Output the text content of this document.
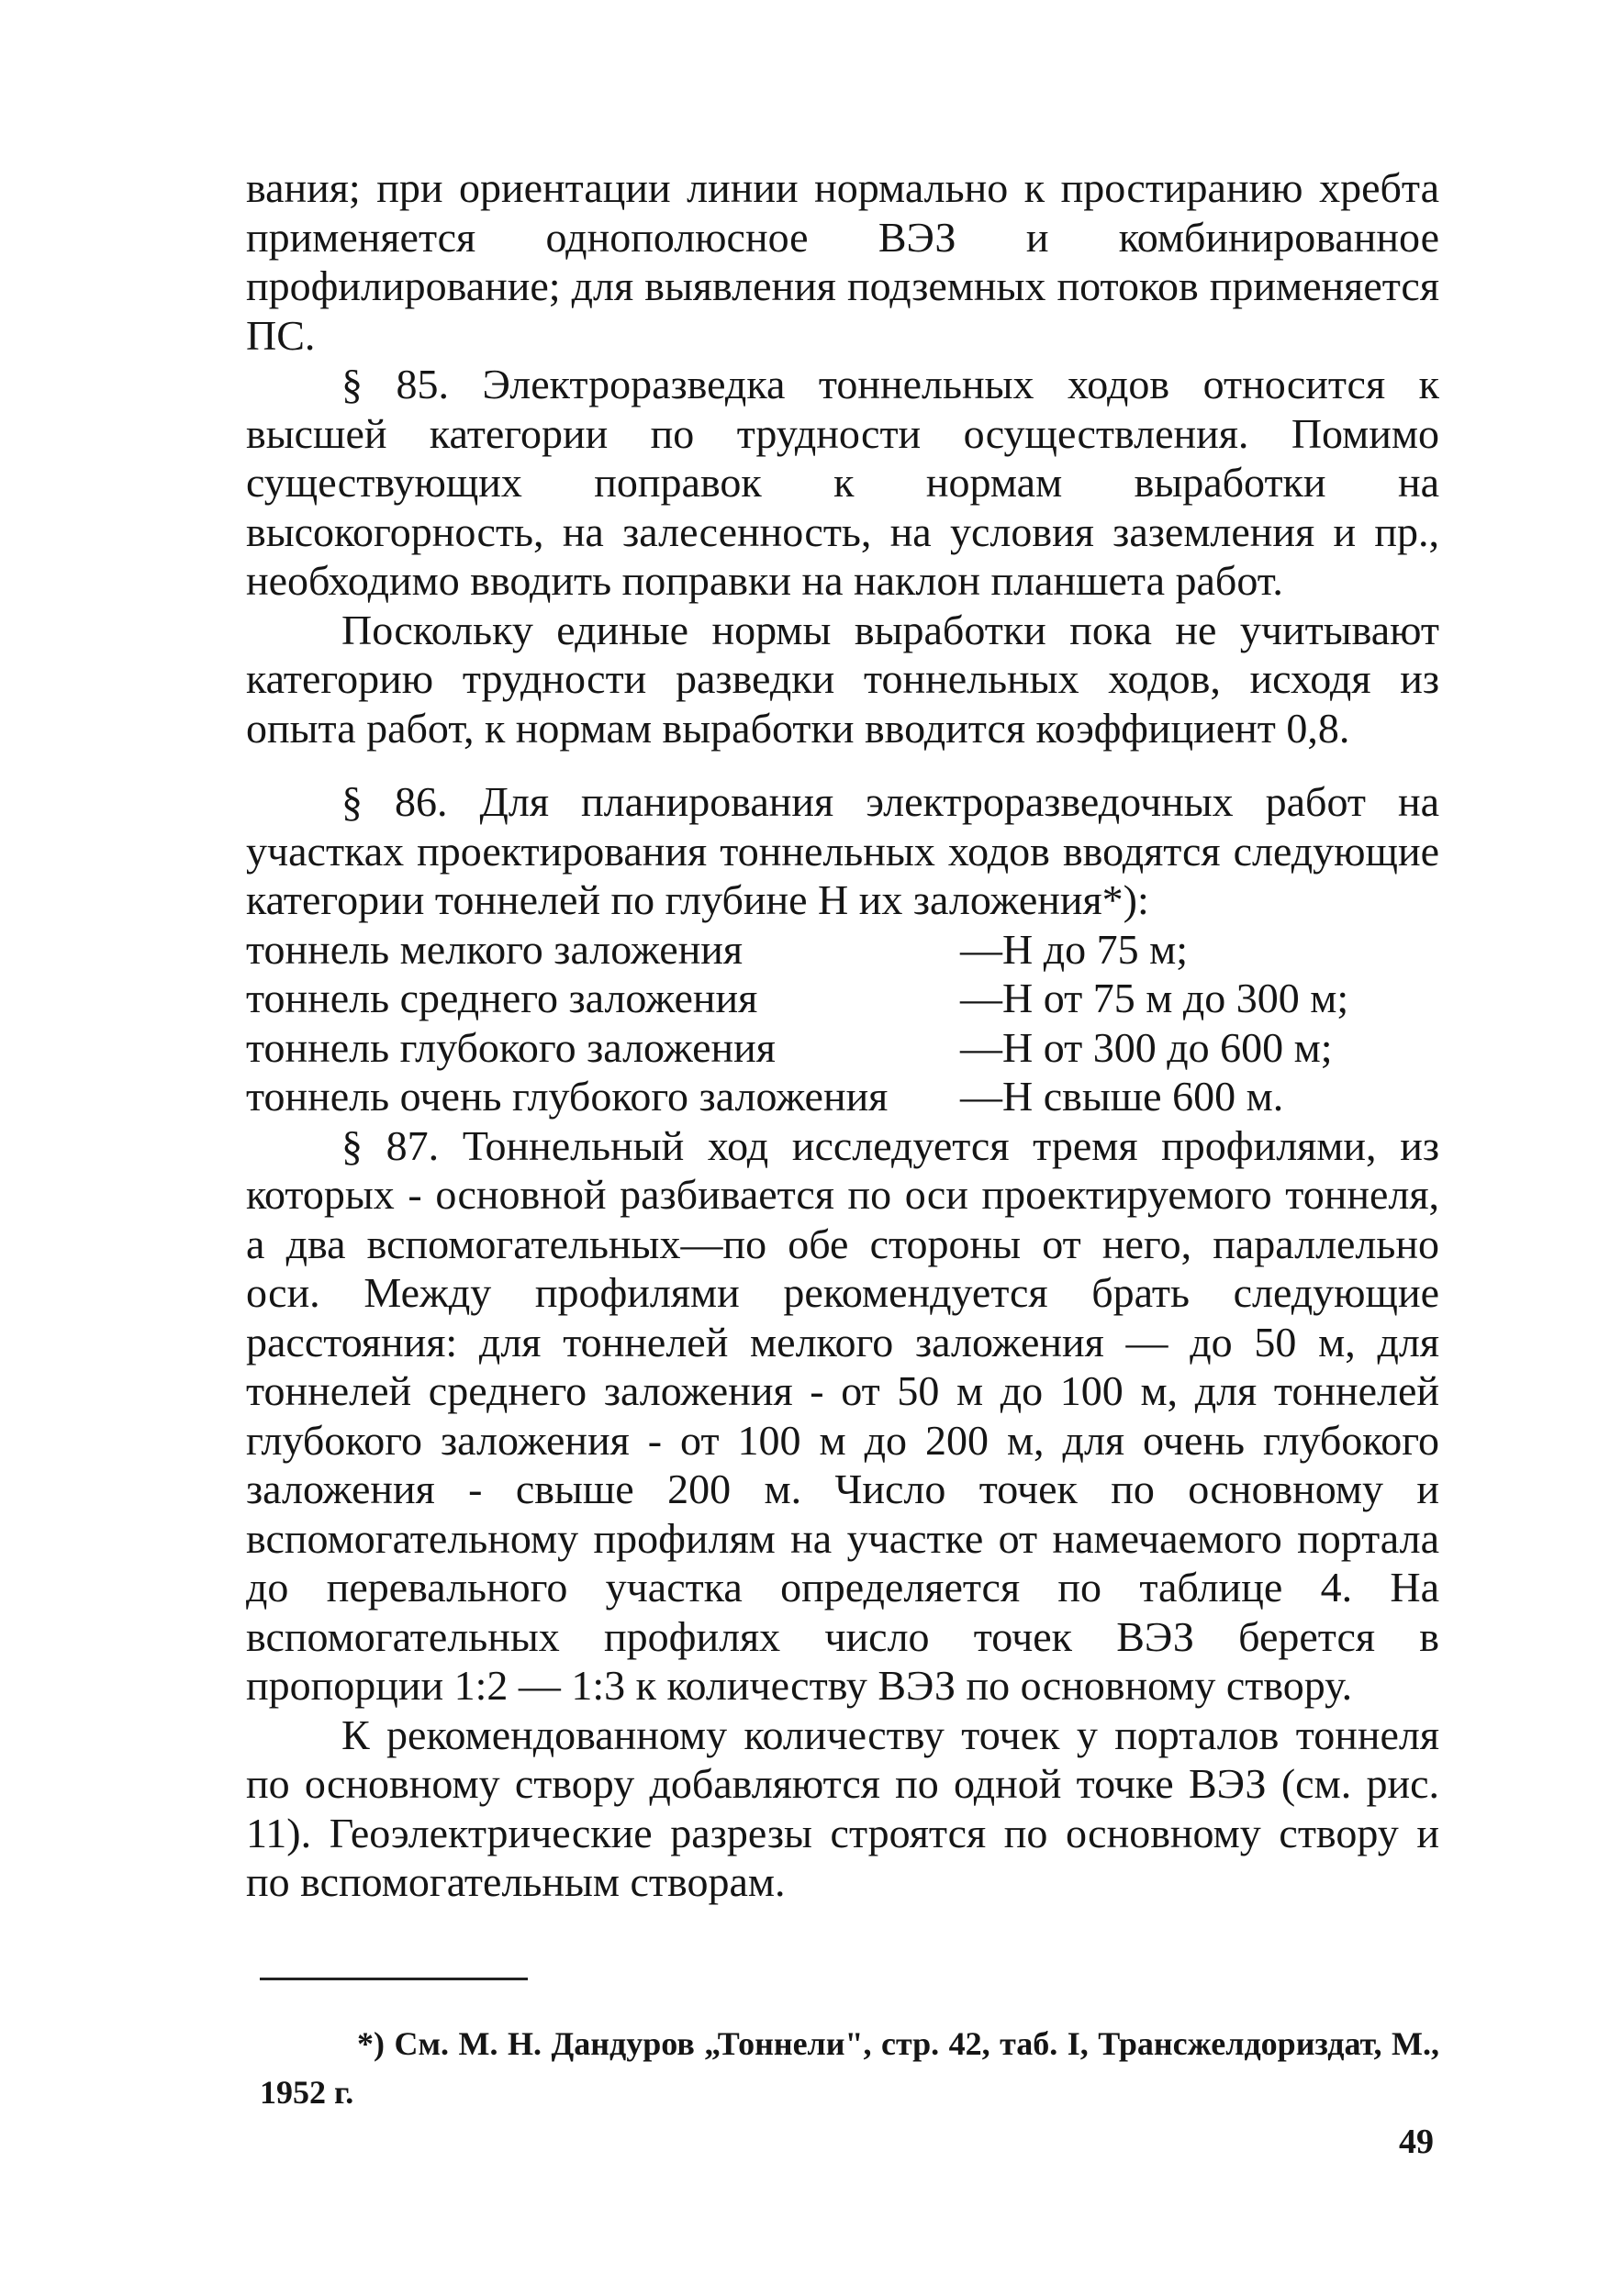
вания; при ориентации линии нормально к простиранию хребта применяется однополюсное ВЭЗ и комбинированное профилирование; для выявления подземных потоков применяется ПС.

§ 85. Электроразведка тоннельных ходов относится к высшей категории по трудности осуществления. Помимо существующих поправок к нормам выработки на высокогорность, на залесенность, на условия заземления и пр., необходимо вводить поправки на наклон планшета работ.

Поскольку единые нормы выработки пока не учитывают категорию трудности разведки тоннельных ходов, исходя из опыта работ, к нормам выработки вводится коэффициент 0,8.

§ 86. Для планирования электроразведочных работ на участках проектирования тоннельных ходов вводятся следующие категории тоннелей по глубине Н их заложения*):

тоннель мелкого заложения	—Н до 75 м;
тоннель среднего заложения	—Н от 75 м до 300 м;
тоннель глубокого заложения	—Н от 300 до 600 м;
тоннель очень глубокого заложения	—Н свыше 600 м.

§ 87. Тоннельный ход исследуется тремя профилями, из которых - основной разбивается по оси проектируемого тоннеля, а два вспомогательных—по обе стороны от него, параллельно оси. Между профилями рекомендуется брать следующие расстояния: для тоннелей мелкого заложения — до 50 м, для тоннелей среднего заложения - от 50 м до 100 м, для тоннелей глубокого заложения - от 100 м до 200 м, для очень глубокого заложения - свыше 200 м. Число точек по основному и вспомогательному профилям на участке от намечаемого портала до перевального участка определяется по таблице 4. На вспомогательных профилях число точек ВЭЗ берется в пропорции 1:2 — 1:3 к количеству ВЭЗ по основному створу.

К рекомендованному количеству точек у порталов тоннеля по основному створу добавляются по одной точке ВЭЗ (см. рис. 11). Геоэлектрические разрезы строятся по основному створу и по вспомогательным створам.

*) См. М. Н. Дандуров „Тоннели", стр. 42, таб. I, Трансжелдориздат, М., 1952 г.

49
